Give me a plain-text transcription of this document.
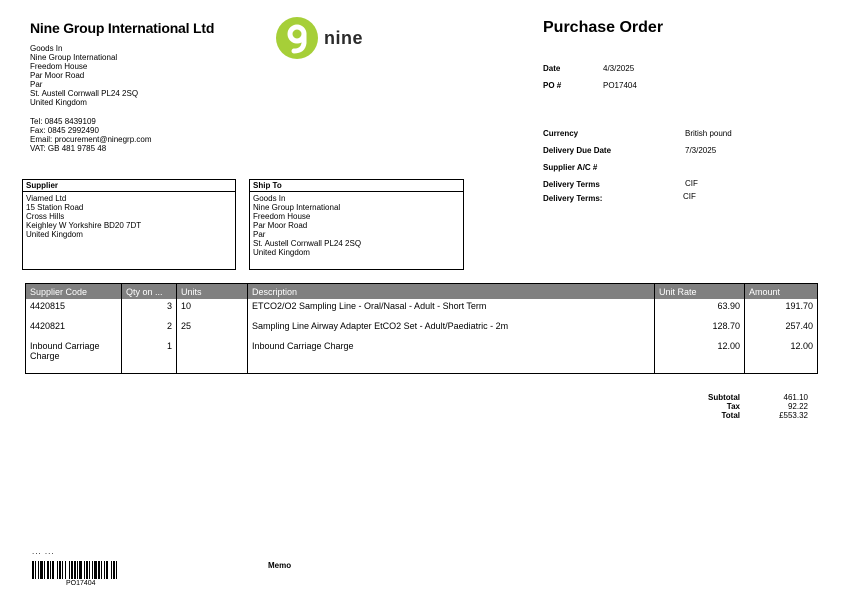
Nine Group International Ltd
Goods In
Nine Group International
Freedom House
Par Moor Road
Par
St. Austell Cornwall PL24 2SQ
United Kingdom
Tel: 0845 8439109
Fax: 0845 2992490
Email: procurement@ninegrp.com
VAT: GB 481 9785 48
nine	Purchase Order
Date	4/3/2025
PO #	PO17404
Currency	British pound
Delivery Due Date	7/3/2025
Supplier A/C #
Delivery Terms	CIF
Delivery Terms:	CIF
Supplier
Viamed Ltd
15 Station Road
Cross Hills
Keighley W Yorkshire BD20 7DT
United Kingdom
Ship To
Goods In
Nine Group International
Freedom House
Par Moor Road
Par
St. Austell Cornwall PL24 2SQ
United Kingdom
Supplier Code	Qty on ...	Units	Description	Unit Rate	Amount
4420815	3	10	ETCO2/O2 Sampling Line - Oral/Nasal - Adult - Short Term	63.90	191.70
4420821	2	25	Sampling Line Airway Adapter EtCO2 Set - Adult/Paediatric - 2m	128.70	257.40
Inbound Carriage Charge	1		Inbound Carriage Charge	12.00	12.00
Subtotal	461.10
Tax	92.22
Total	£553.32
... ...
PO17404
Memo
